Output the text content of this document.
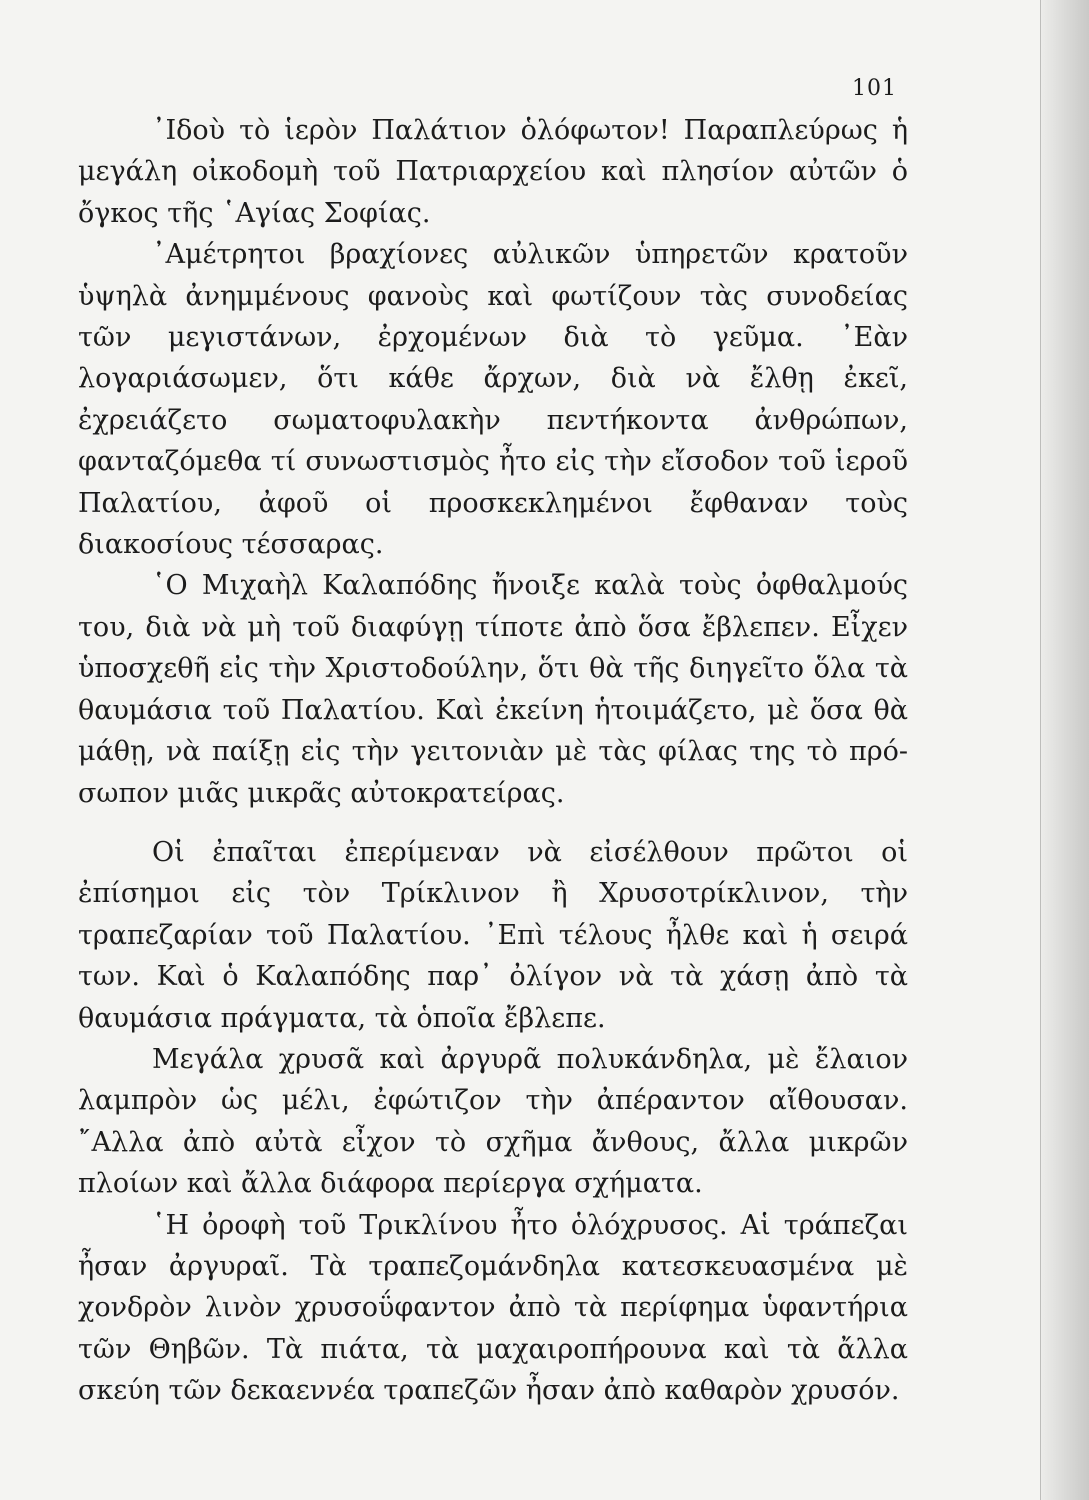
101

᾿Ιδοὺ τὸ ἱερὸν Παλάτιον ὁλόφωτον! Παραπλεύρως ἡ μεγάλη οἰκοδομὴ τοῦ Πατριαρχείου καὶ πλησίον αὐτῶν ὁ ὄγκος τῆς ῾Αγίας Σοφίας.

᾿Αμέτρητοι βραχίονες αὐλικῶν ὑπηρετῶν κρατοῦν ὑψηλὰ ἀνημμένους φανοὺς καὶ φωτίζουν τὰς συνοδείας τῶν μεγιστάνων, ἐρχομένων διὰ τὸ γεῦμα. ᾿Εὰν λογαριάσωμεν, ὅτι κάθε ἄρχων, διὰ νὰ ἔλθῃ ἐκεῖ, ἐχρειάζετο σωματοφυλακὴν πεντήκοντα ἀνθρώπων, φανταζόμεθα τί συνωστισμὸς ἦτο εἰς τὴν εἴσοδον τοῦ ἱεροῦ Παλατίου, ἀφοῦ οἱ προσκεκλημένοι ἔφθαναν τοὺς διακοσίους τέσσαρας.

῾Ο Μιχαὴλ Καλαπόδης ἤνοιξε καλὰ τοὺς ὀφθαλμούς του, διὰ νὰ μὴ τοῦ διαφύγῃ τίποτε ἀπὸ ὅσα ἔβλεπεν. Εἶχεν ὑποσχεθῆ εἰς τὴν Χριστοδούλην, ὅτι θὰ τῆς διηγεῖτο ὅλα τὰ θαυμάσια τοῦ Παλατίου. Καὶ ἐκείνη ἡτοιμάζετο, μὲ ὅσα θὰ μάθῃ, νὰ παίξῃ εἰς τὴν γειτονιὰν μὲ τὰς φίλας της τὸ πρόσωπον μιᾶς μικρᾶς αὐτοκρατείρας.

Οἱ ἐπαῖται ἐπερίμεναν νὰ εἰσέλθουν πρῶτοι οἱ ἐπίσημοι εἰς τὸν Τρίκλινον ἢ Χρυσοτρίκλινον, τὴν τραπεζαρίαν τοῦ Παλατίου. ᾿Επὶ τέλους ἦλθε καὶ ἡ σειρά των. Καὶ ὁ Καλαπόδης παρ᾿ ὀλίγον νὰ τὰ χάσῃ ἀπὸ τὰ θαυμάσια πράγματα, τὰ ὁποῖα ἔβλεπε.

Μεγάλα χρυσᾶ καὶ ἀργυρᾶ πολυκάνδηλα, μὲ ἔλαιον λαμπρὸν ὡς μέλι, ἐφώτιζον τὴν ἀπέραντον αἴθουσαν. ῎Αλλα ἀπὸ αὐτὰ εἶχον τὸ σχῆμα ἄνθους, ἄλλα μικρῶν πλοίων καὶ ἄλλα διάφορα περίεργα σχήματα.

῾Η ὀροφὴ τοῦ Τρικλίνου ἦτο ὁλόχρυσος. Αἱ τράπεζαι ἦσαν ἀργυραῖ. Τὰ τραπεζομάνδηλα κατεσκευασμένα μὲ χονδρὸν λινὸν χρυσοΰφαντον ἀπὸ τὰ περίφημα ὑφαντήρια τῶν Θηβῶν. Τὰ πιάτα, τὰ μαχαιροπήρουνα καὶ τὰ ἄλλα σκεύη τῶν δεκαεννέα τραπεζῶν ἦσαν ἀπὸ καθαρὸν χρυσόν.
